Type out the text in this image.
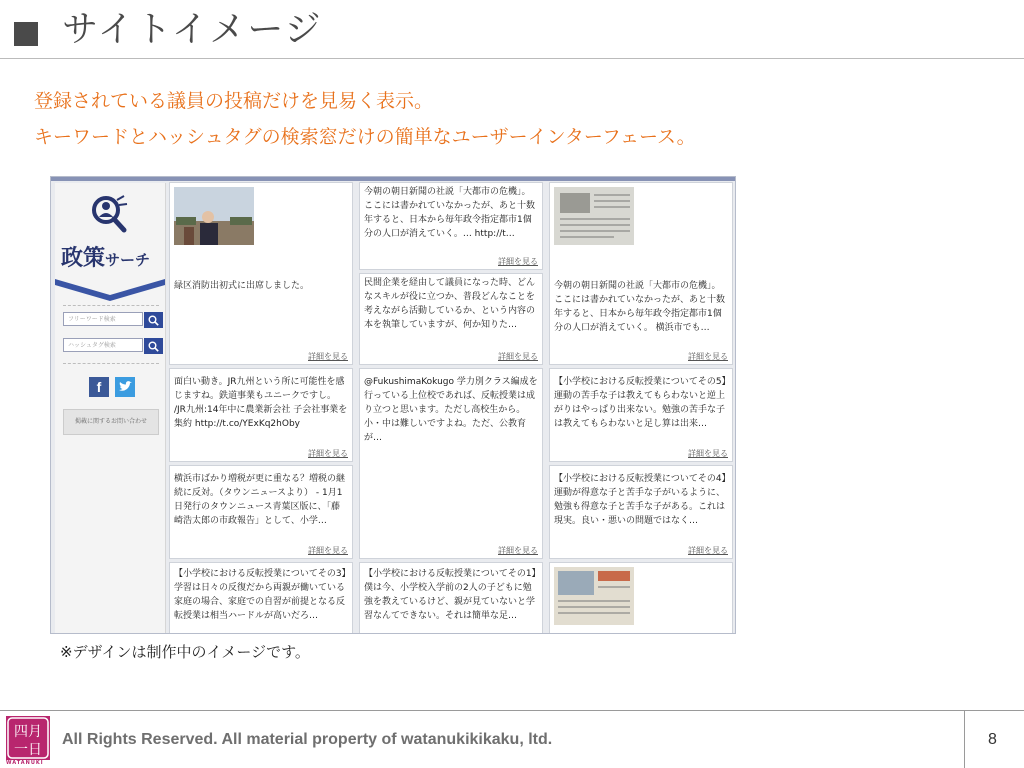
サイトイメージ
登録されている議員の投稿だけを見易く表示。
キーワードとハッシュタグの検索窓だけの簡単なユーザーインターフェース。
政策サーチ
フリーワード検索
ハッシュタグ検索
f
掲載に関するお問い合わせ
緑区消防出初式に出席しました。
詳細を見る
面白い動き。JR九州という所に可能性を感じますね。鉄道事業もユニークですし。 /JR九州:14年中に農業新会社 子会社事業を集約 http://t.co/YExKq2hOby
詳細を見る
横浜市ばかり増税が更に重なる？増税の継続に反対。（タウンニュースより） - 1月1日発行のタウンニュース青葉区版に、「藤崎浩太郎の市政報告」として、小学…
詳細を見る
【小学校における反転授業についてその3】学習は日々の反復だから両親が働いている家庭の場合、家庭での自習が前提となる反転授業は相当ハードルが高いだろ…
今朝の朝日新聞の社説「大都市の危機」。ここには書かれていなかったが、あと十数年すると、日本から毎年政令指定都市1個分の人口が消えていく。… http://t…
詳細を見る
民間企業を経由して議員になった時、どんなスキルが役に立つか、普段どんなことを考えながら活動しているか、という内容の本を執筆していますが、何か知りた…
詳細を見る
@FukushimaKokugo 学力別クラス編成を行っている上位校であれば、反転授業は成り立つと思います。ただし高校生から。小・中は難しいですよね。ただ、公教育が…
詳細を見る
【小学校における反転授業についてその1】僕は今、小学校入学前の2人の子どもに勉強を教えているけど、親が見ていないと学習なんてできない。それは簡単な足…
今朝の朝日新聞の社説「大都市の危機」。ここには書かれていなかったが、あと十数年すると、日本から毎年政令指定都市1個分の人口が消えていく。 横浜市でも…
詳細を見る
【小学校における反転授業についてその5】運動の苦手な子は教えてもらわないと逆上がりはやっぱり出来ない。勉強の苦手な子は教えてもらわないと足し算は出来…
詳細を見る
【小学校における反転授業についてその4】運動が得意な子と苦手な子がいるように、勉強も得意な子と苦手な子がある。これは現実。良い・悪いの問題ではなく…
詳細を見る
※デザインは制作中のイメージです。
四月
一日
WATANUKI
All Rights Reserved. All material property of watanukikikaku, ltd.	8
